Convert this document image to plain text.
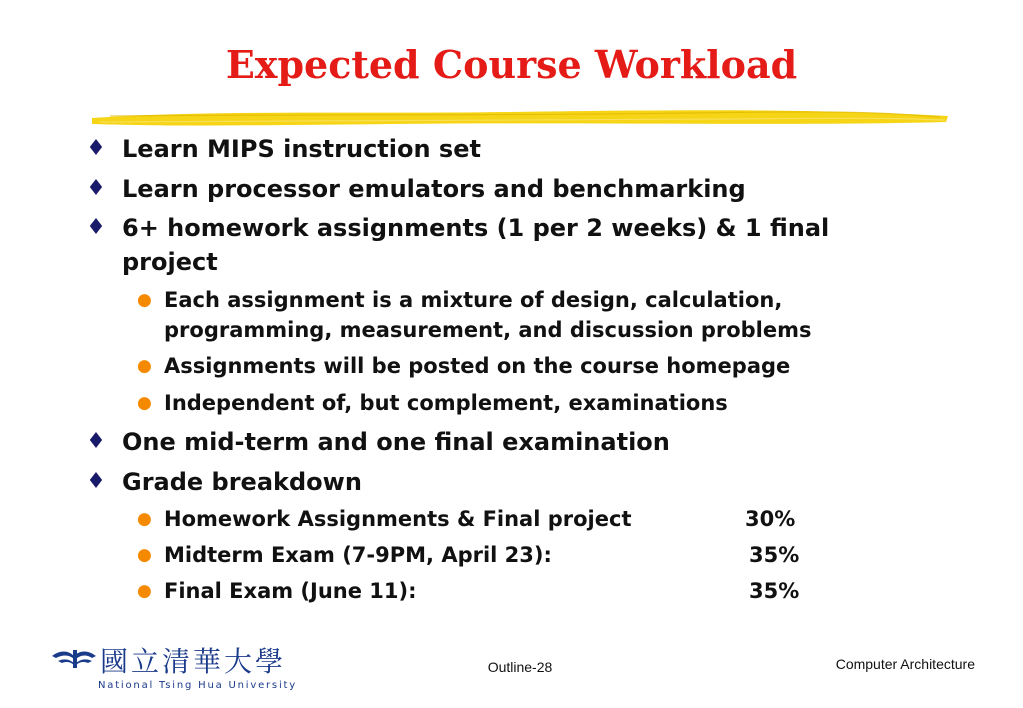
Expected Course Workload
♦ Learn MIPS instruction set
♦ Learn processor emulators and benchmarking
♦ 6+ homework assignments (1 per 2 weeks) & 1 final project
● Each assignment is a mixture of design, calculation, programming, measurement, and discussion problems
● Assignments will be posted on the course homepage
● Independent of, but complement, examinations
♦ One mid-term and one final examination
♦ Grade breakdown
● Homework Assignments & Final project	30%
● Midterm Exam (7-9PM, April 23):	35%
● Final Exam (June 11):	35%
國立清華大學
National Tsing Hua University
Outline-28	Computer Architecture
